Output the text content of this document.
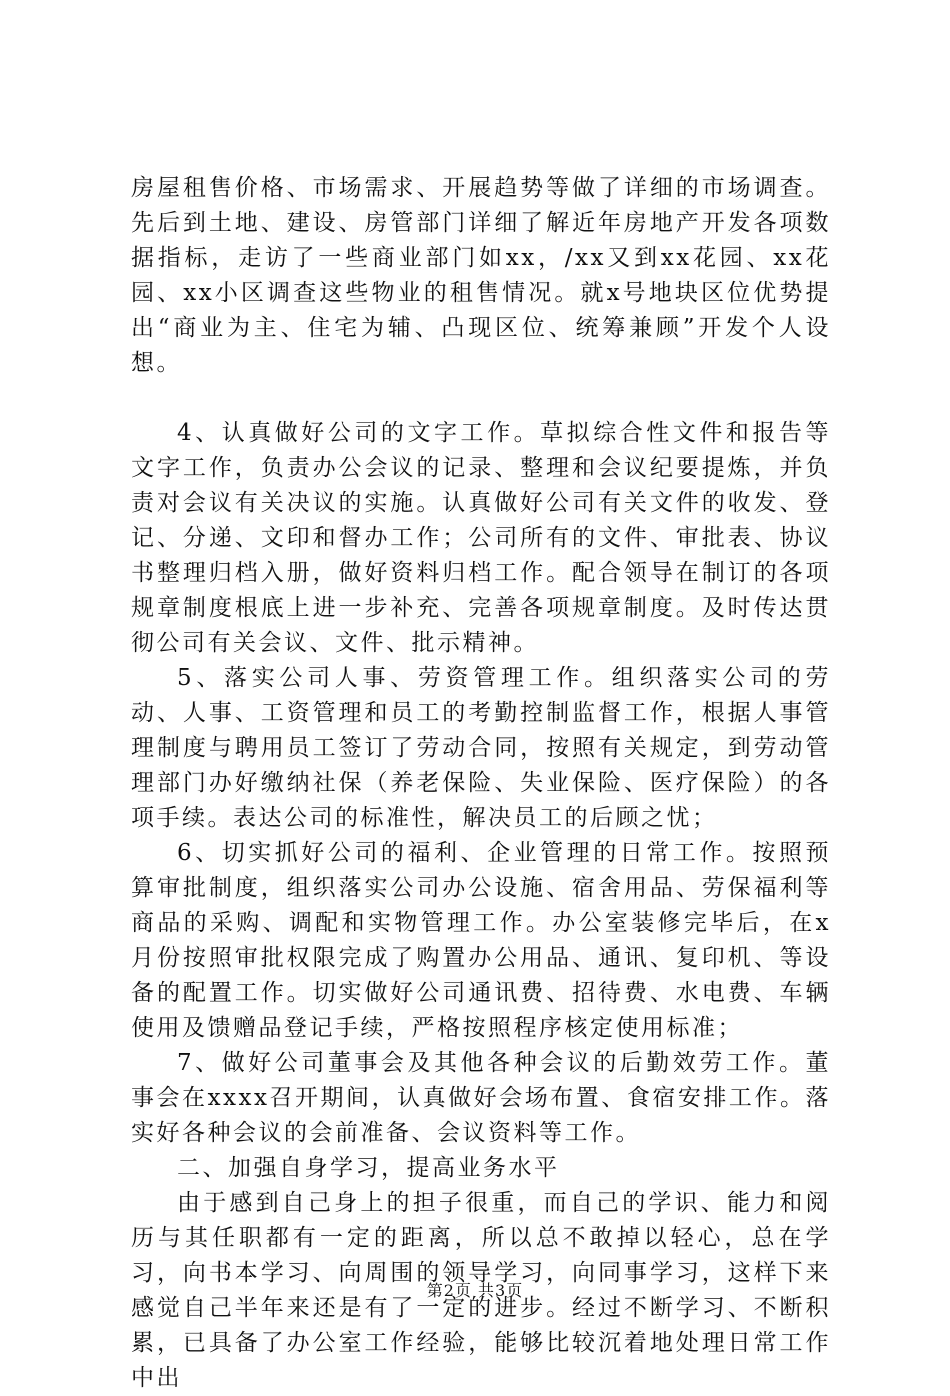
房屋租售价格、市场需求、开展趋势等做了详细的市场调查。先后到土地、建设、房管部门详细了解近年房地产开发各项数据指标，走访了一些商业部门如xx，/xx又到xx花园、xx花园、xx小区调查这些物业的租售情况。就x号地块区位优势提出“商业为主、住宅为辅、凸现区位、统筹兼顾”开发个人设想。

4、认真做好公司的文字工作。草拟综合性文件和报告等文字工作，负责办公会议的记录、整理和会议纪要提炼，并负责对会议有关决议的实施。认真做好公司有关文件的收发、登记、分递、文印和督办工作；公司所有的文件、审批表、协议书整理归档入册，做好资料归档工作。配合领导在制订的各项规章制度根底上进一步补充、完善各项规章制度。及时传达贯彻公司有关会议、文件、批示精神。

5、落实公司人事、劳资管理工作。组织落实公司的劳动、人事、工资管理和员工的考勤控制监督工作，根据人事管理制度与聘用员工签订了劳动合同，按照有关规定，到劳动管理部门办好缴纳社保（养老保险、失业保险、医疗保险）的各项手续。表达公司的标准性，解决员工的后顾之忧；

6、切实抓好公司的福利、企业管理的日常工作。按照预算审批制度，组织落实公司办公设施、宿舍用品、劳保福利等商品的采购、调配和实物管理工作。办公室装修完毕后，在x月份按照审批权限完成了购置办公用品、通讯、复印机、等设备的配置工作。切实做好公司通讯费、招待费、水电费、车辆使用及馈赠品登记手续，严格按照程序核定使用标准；

7、做好公司董事会及其他各种会议的后勤效劳工作。董事会在xxxx召开期间，认真做好会场布置、食宿安排工作。落实好各种会议的会前准备、会议资料等工作。

二、加强自身学习，提高业务水平

由于感到自己身上的担子很重，而自己的学识、能力和阅历与其任职都有一定的距离，所以总不敢掉以轻心，总在学习，向书本学习、向周围的领导学习，向同事学习，这样下来感觉自己半年来还是有了一定的进步。经过不断学习、不断积累，已具备了办公室工作经验，能够比较沉着地处理日常工作中出

第2页 共3页
